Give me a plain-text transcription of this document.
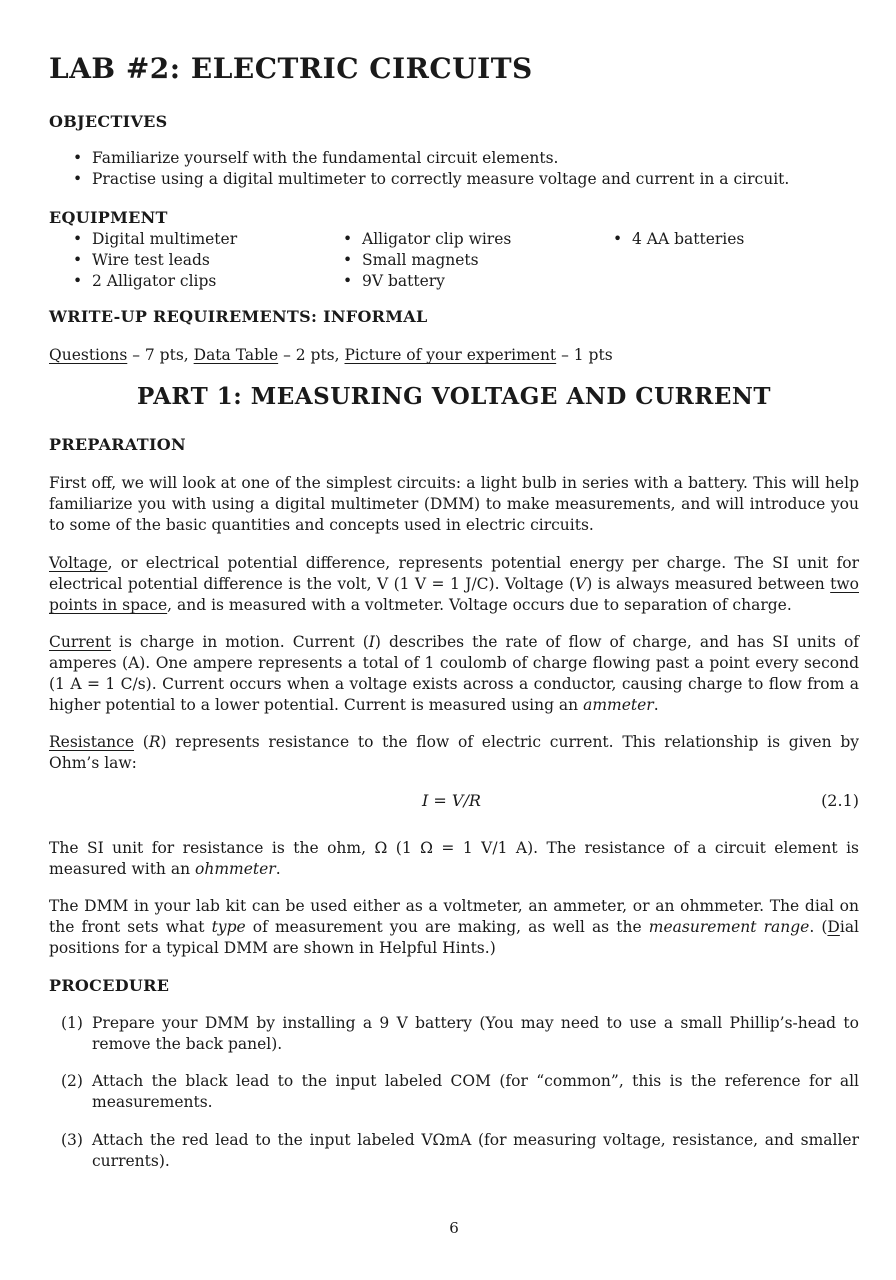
LAB #2: ELECTRIC CIRCUITS
OBJECTIVES
• Familiarize yourself with the fundamental circuit elements.
• Practise using a digital multimeter to correctly measure voltage and current in a circuit.
EQUIPMENT
• Digital multimeter
• Wire test leads
• 2 Alligator clips
• Alligator clip wires
• Small magnets
• 9V battery
• 4 AA batteries
WRITE-UP REQUIREMENTS: INFORMAL

Questions – 7 pts, Data Table – 2 pts, Picture of your experiment – 1 pts

PART 1: MEASURING VOLTAGE AND CURRENT
PREPARATION

First off, we will look at one of the simplest circuits: a light bulb in series with a battery. This will help familiarize you with using a digital multimeter (DMM) to make measurements, and will introduce you to some of the basic quantities and concepts used in electric circuits.

Voltage, or electrical potential difference, represents potential energy per charge. The SI unit for electrical potential difference is the volt, V (1 V = 1 J/C). Voltage (V) is always measured between two points in space, and is measured with a voltmeter. Voltage occurs due to separation of charge.

Current is charge in motion. Current (I) describes the rate of flow of charge, and has SI units of amperes (A). One ampere represents a total of 1 coulomb of charge flowing past a point every second (1 A = 1 C/s). Current occurs when a voltage exists across a conductor, causing charge to flow from a higher potential to a lower potential. Current is measured using an ammeter.

Resistance (R) represents resistance to the flow of electric current. This relationship is given by Ohm’s law:

I = V/R	(2.1)

The SI unit for resistance is the ohm, Ω (1 Ω = 1 V/1 A). The resistance of a circuit element is measured with an ohmmeter.

The DMM in your lab kit can be used either as a voltmeter, an ammeter, or an ohmmeter. The dial on the front sets what type of measurement you are making, as well as the measurement range. (Dial positions for a typical DMM are shown in Helpful Hints.)

PROCEDURE
(1) Prepare your DMM by installing a 9 V battery (You may need to use a small Phillip’s-head to remove the back panel).
(2) Attach the black lead to the input labeled COM (for “common”, this is the reference for all measurements.
(3) Attach the red lead to the input labeled VΩmA (for measuring voltage, resistance, and smaller currents).
6
